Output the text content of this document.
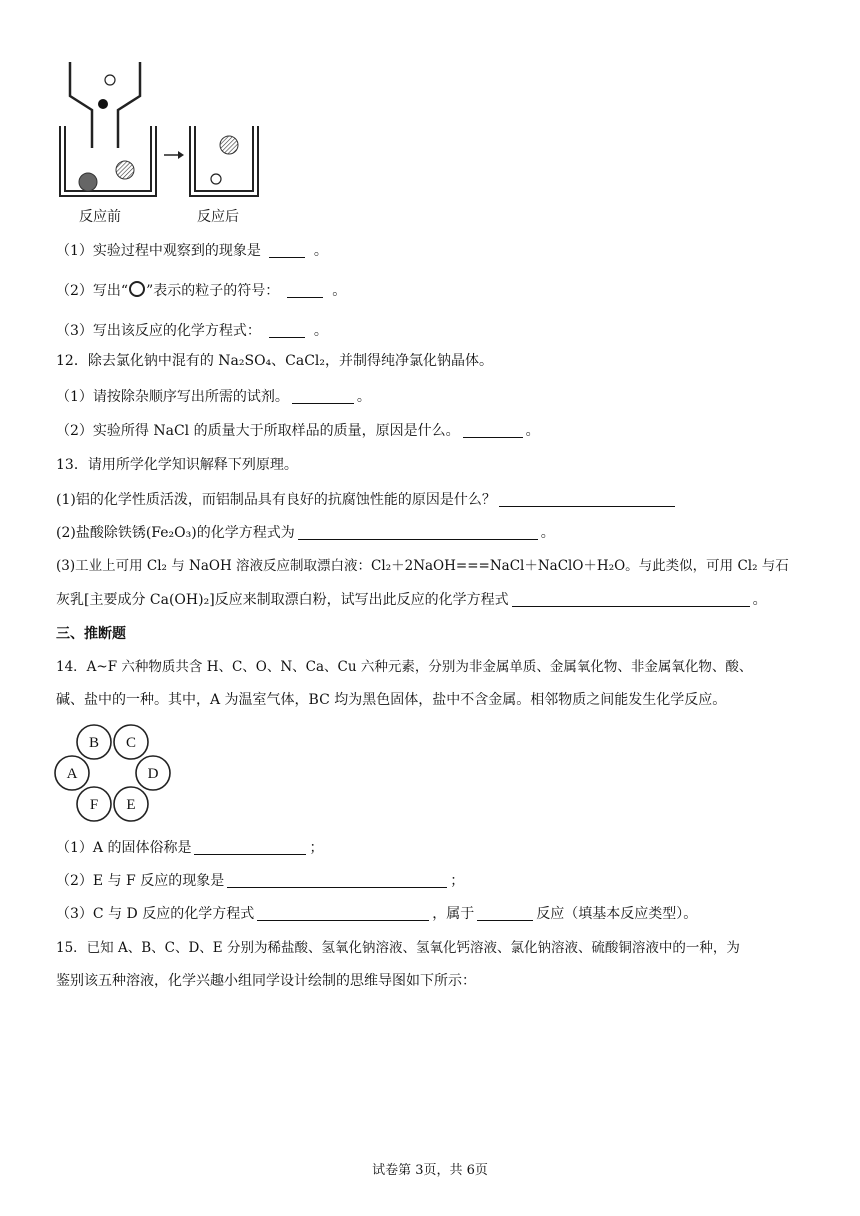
反应前	反应后
（1）实验过程中观察到的现象是	。
（2）写出“ ”表示的粒子的符号：	。
（3）写出该反应的化学方程式：	。
12．除去氯化钠中混有的 Na₂SO₄、CaCl₂，并制得纯净氯化钠晶体。
（1）请按除杂顺序写出所需的试剂。	。
（2）实验所得 NaCl 的质量大于所取样品的质量，原因是什么。	。
13．请用所学化学知识解释下列原理。
(1)铝的化学性质活泼，而铝制品具有良好的抗腐蚀性能的原因是什么？
(2)盐酸除铁锈(Fe₂O₃)的化学方程式为	。
(3)工业上可用 Cl₂ 与 NaOH 溶液反应制取漂白液：Cl₂＋2NaOH===NaCl＋NaClO＋H₂O。与此类似，可用 Cl₂ 与石
灰乳[主要成分 Ca(OH)₂]反应来制取漂白粉，试写出此反应的化学方程式	。
三、推断题
14．A~F 六种物质共含 H、C、O、N、Ca、Cu 六种元素，分别为非金属单质、金属氧化物、非金属氧化物、酸、
碱、盐中的一种。其中，A 为温室气体，BC 均为黑色固体，盐中不含金属。相邻物质之间能发生化学反应。
B C
A	D
F E
（1）A 的固体俗称是	；
（2）E 与 F 反应的现象是	；
（3）C 与 D 反应的化学方程式	，属于	反应（填基本反应类型）。
15．已知 A、B、C、D、E 分别为稀盐酸、氢氧化钠溶液、氢氧化钙溶液、氯化钠溶液、硫酸铜溶液中的一种，为
鉴别该五种溶液，化学兴趣小组同学设计绘制的思维导图如下所示：
试卷第 3页，共 6页
